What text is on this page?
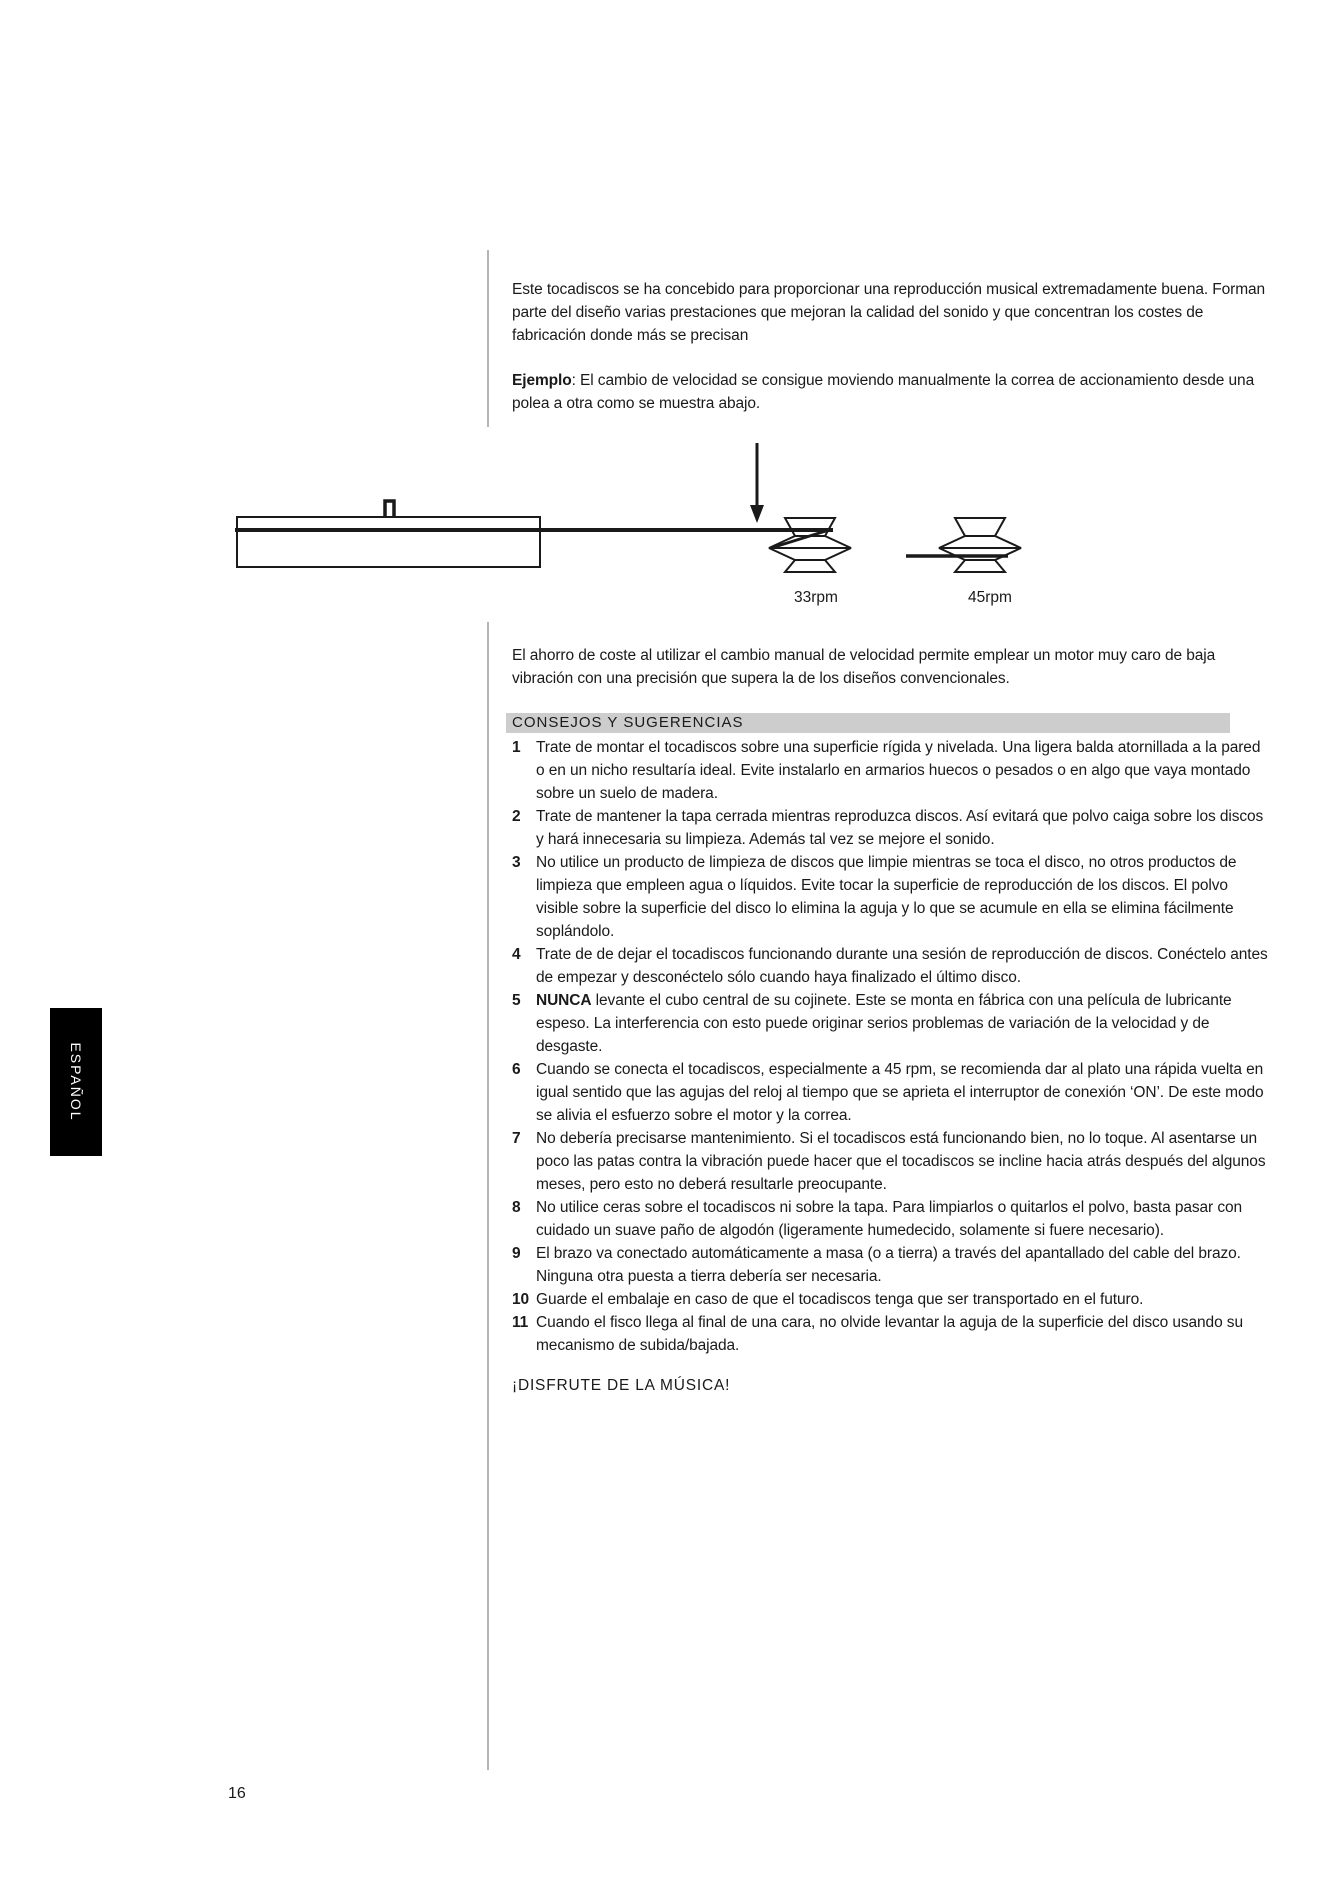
Este tocadiscos se ha concebido para proporcionar una reproducción musical extremadamente buena. Forman parte del diseño varias prestaciones que mejoran la calidad del sonido y que concentran los costes de fabricación donde más se precisan

Ejemplo: El cambio de velocidad se consigue moviendo manualmente la correa de accionamiento desde una polea a otra como se muestra abajo.

33rpm	45rpm

El ahorro de coste al utilizar el cambio manual de velocidad permite emplear un motor muy caro de baja vibración con una precisión que supera la de los diseños convencionales.

CONSEJOS Y SUGERENCIAS
1 Trate de montar el tocadiscos sobre una superficie rígida y nivelada. Una ligera balda atornillada a la pared o en un nicho resultaría ideal. Evite instalarlo en armarios huecos o pesados o en algo que vaya montado sobre un suelo de madera.
2 Trate de mantener la tapa cerrada mientras reproduzca discos. Así evitará que polvo caiga sobre los discos y hará innecesaria su limpieza. Además tal vez se mejore el sonido.
3 No utilice un producto de limpieza de discos que limpie mientras se toca el disco, no otros productos de limpieza que empleen agua o líquidos. Evite tocar la superficie de reproducción de los discos. El polvo visible sobre la superficie del disco lo elimina la aguja y lo que se acumule en ella se elimina fácilmente soplándolo.
4 Trate de de dejar el tocadiscos funcionando durante una sesión de reproducción de discos. Conéctelo antes de empezar y desconéctelo sólo cuando haya finalizado el último disco.
5 NUNCA levante el cubo central de su cojinete. Este se monta en fábrica con una película de lubricante espeso. La interferencia con esto puede originar serios problemas de variación de la velocidad y de desgaste.
6 Cuando se conecta el tocadiscos, especialmente a 45 rpm, se recomienda dar al plato una rápida vuelta en igual sentido que las agujas del reloj al tiempo que se aprieta el interruptor de conexión ‘ON’. De este modo se alivia el esfuerzo sobre el motor y la correa.
7 No debería precisarse mantenimiento. Si el tocadiscos está funcionando bien, no lo toque. Al asentarse un poco las patas contra la vibración puede hacer que el tocadiscos se incline hacia atrás después del algunos meses, pero esto no deberá resultarle preocupante.
8 No utilice ceras sobre el tocadiscos ni sobre la tapa. Para limpiarlos o quitarlos el polvo, basta pasar con cuidado un suave paño de algodón (ligeramente humedecido, solamente si fuere necesario).
9 El brazo va conectado automáticamente a masa (o a tierra) a través del apantallado del cable del brazo. Ninguna otra puesta a tierra debería ser necesaria.
10 Guarde el embalaje en caso de que el tocadiscos tenga que ser transportado en el futuro.
11 Cuando el fisco llega al final de una cara, no olvide levantar la aguja de la superficie del disco usando su mecanismo de subida/bajada.
¡DISFRUTE DE LA MÚSICA!
ESPAÑOL
16
